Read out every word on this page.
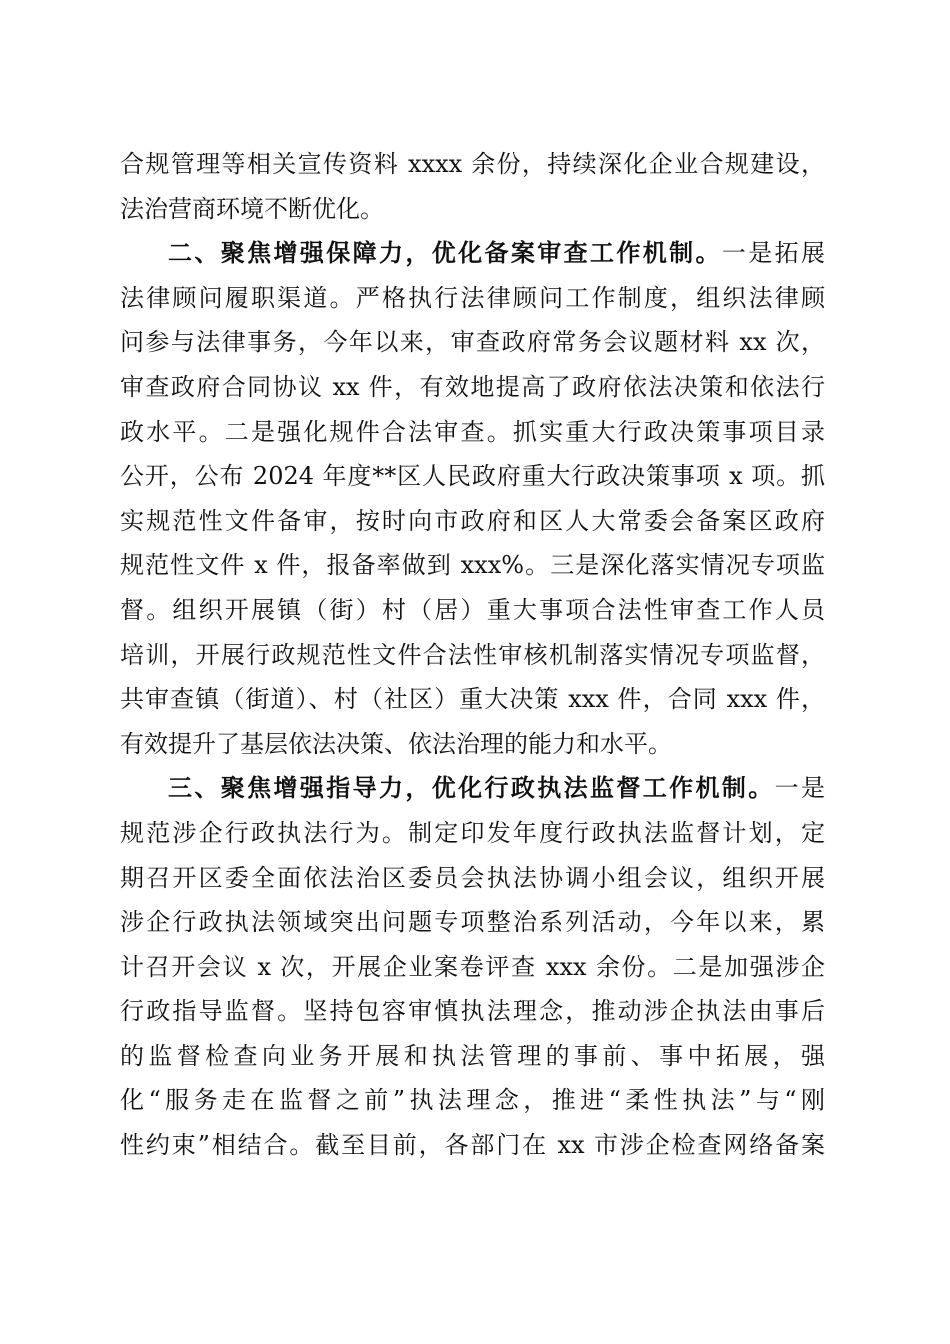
合规管理等相关宣传资料 xxxx 余份，持续深化企业合规建设，
法治营商环境不断优化。
二、聚焦增强保障力，优化备案审查工作机制。一是拓展
法律顾问履职渠道。严格执行法律顾问工作制度，组织法律顾
问参与法律事务，今年以来，审查政府常务会议题材料 xx 次，
审查政府合同协议 xx 件，有效地提高了政府依法决策和依法行
政水平。二是强化规件合法审查。抓实重大行政决策事项目录
公开，公布 2024 年度**区人民政府重大行政决策事项 x 项。抓
实规范性文件备审，按时向市政府和区人大常委会备案区政府
规范性文件 x 件，报备率做到 xxx%。三是深化落实情况专项监
督。组织开展镇（街）村（居）重大事项合法性审查工作人员
培训，开展行政规范性文件合法性审核机制落实情况专项监督，
共审查镇（街道）、村（社区）重大决策 xxx 件，合同 xxx 件，
有效提升了基层依法决策、依法治理的能力和水平。
三、聚焦增强指导力，优化行政执法监督工作机制。一是
规范涉企行政执法行为。制定印发年度行政执法监督计划，定
期召开区委全面依法治区委员会执法协调小组会议，组织开展
涉企行政执法领域突出问题专项整治系列活动，今年以来，累
计召开会议 x 次，开展企业案卷评查 xxx 余份。二是加强涉企
行政指导监督。坚持包容审慎执法理念，推动涉企执法由事后
的监督检查向业务开展和执法管理的事前、事中拓展，强
化“服务走在监督之前”执法理念，推进“柔性执法”与“刚
性约束”相结合。截至目前，各部门在 xx 市涉企检查网络备案
